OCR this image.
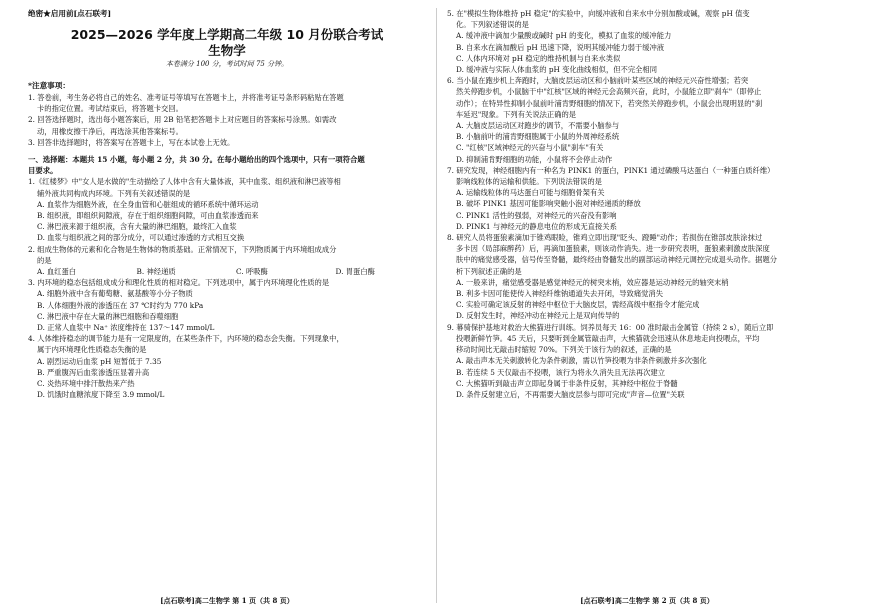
绝密★启用前[点石联考]
2025—2026 学年度上学期高二年级 10 月份联合考试
生物学
本卷满分 100 分，考试时间 75 分钟。
*注意事项：
1. 答卷前，考生务必将自己的姓名、准考证号等填写在答题卡上，并将准考证号条形码粘贴在答题
卡的指定位置。考试结束后，将答题卡交回。
2. 回答选择题时，选出每小题答案后，用 2B 铅笔把答题卡上对应题目的答案标号涂黑。如需改
动，用橡皮擦干净后，再选涂其他答案标号。
3. 回答非选择题时，将答案写在答题卡上，写在本试卷上无效。
一、选择题：本题共 15 小题，每小题 2 分，共 30 分。在每小题给出的四个选项中，只有一项符合题
目要求。
1.《红楼梦》中"女人是水做的"生动描绘了人体中含有大量体液，其中血浆、组织液和淋巴液等相
辅外液共同构成内环境。下列有关叙述错误的是
A. 血浆作为细胞外液，在全身血管和心脏组成的循环系统中循环运动
B. 组织液，即组织间隙液，存在于组织细胞间隙，可由血浆渗透而来
C. 淋巴液来源于组织液，含有大量的淋巴细胞，最终汇入血浆
D. 血浆与组织液之间的部分成分，可以通过渗透的方式相互交换
2. 组成生物体的元素和化合物是生物体的物质基础。正常情况下，下列物质属于内环境组成成分
的是
A. 血红蛋白	B. 神经递质	C. 呼吸酶	D. 胃蛋白酶
3. 内环境的稳态包括组成成分和理化性质的相对稳定。下列选项中，属于内环境理化性质的是
A. 细胞外液中含有葡萄糖、氨基酸等小分子物质
B. 人体细胞外液的渗透压在 37 ℃时约为 770 kPa
C. 淋巴液中存在大量的淋巴细胞和吞噬细胞
D. 正常人血浆中 Na⁺ 浓度维持在 137～147 mmol/L
4. 人体维持稳态的调节能力是有一定限度的，在某些条件下，内环境的稳态会失衡。下列现象中，
属于内环境理化性质稳态失衡的是
A. 剧烈运动后血浆 pH 短暂低于 7.35
B. 严重腹泻后血浆渗透压显著升高
C. 炎热环境中排汗散热来产热
D. 饥饿时血糖浓度下降至 3.9 mmol/L
[点石联考]高二生物学 第 1 页（共 8 页）
5. 在"模拟生物体维持 pH 稳定"的实验中，向缓冲液和自来水中分别加酸或碱，观察 pH 值变
化。下列叙述错误的是
A. 缓冲液中滴加少量酸或碱时 pH 的变化，模拟了血浆的缓冲能力
B. 自来水在滴加酸后 pH 迅速下降，说明其缓冲能力弱于缓冲液
C. 人体内环境对 pH 稳定的维持机制与自来水类似
D. 缓冲液与实际人体血浆的 pH 变化曲线相似，但不完全相同
6. 当小鼠在跑步机上奔跑时，大脑皮层运动区和小脑前叶某些区域的神经元兴奋性增强；若突
然关停跑步机，小鼠脑干中"红核"区域的神经元会高频兴奋，此时，小鼠能立即"刹车"（即停止
动作）；在特异性抑制小鼠前叶浦肯野细胞的情况下，若突然关停跑步机，小鼠会出现明显的"刹
车延迟"现象。下列有关说法正确的是
A. 大脑皮层运动区对跑步的调节，不需要小脑参与
B. 小脑前叶的浦肯野细胞属于小鼠的外周神经系统
C. "红核"区域神经元的兴奋与小鼠"刹车"有关
D. 抑制浦肯野细胞的功能，小鼠将不会停止动作
7. 研究发现，神经细胞内有一种名为 PINK1 的蛋白，PINK1 通过磷酸马达蛋白（一种蛋白质纤维）
影响线粒体的运输和供能。下列说法错误的是
A. 运输线粒体的马达蛋白可能与细胞骨架有关
B. 破坏 PINK1 基因可能影响突触小泡对神经递质的释放
C. PINK1 活性的强弱，对神经元的兴奋没有影响
D. PINK1 与神经元的静息电位的形成无直接关系
8. 研究人员将蛋狼素滴加于锥鸡眼睑，锥鸡立即出现"眨头、蹬睡"动作；若损伤在锥部皮肤涂抹过
多卡因（局部麻醉药）后，再滴加蛋狼素，则该动作消失。进一步研究表明，蛋狼素刺激皮肤深度
肤中的痛觉感受器，信号传至脊髓，最终经由脊髓发出的副部运动神经元调控完成退头动作。据题分
析下列叙述正确的是
A. 一般来讲，痛觉感受器是感觉神经元的树突末梢，效应器是运动神经元的轴突末梢
B. 利多卡因可能使传入神经纤维钠通道失去开闭，导致痛觉消失
C. 实验可确定该反射的神经中枢位于大脑皮层，需经高级中枢指令才能完成
D. 反射发生时，神经冲动在神经元上是双向传导的
9. 幕骑保护基地对救治大熊猫进行训练。饲养员每天 16：00 准时敲击金属管（持续 2 s），随后立即
投喂新鲜竹笋。45 天后，只要听到金属管敲击声，大熊猫就会迅速从休息地走向投喂点，平均
移动时间比无敲击时缩短 70%。下列关于该行为的叙述，正确的是
A. 敲击声本无关刺激转化为条件刺激，需以竹笋投喂为非条件刺激并多次强化
B. 若连续 5 天仅敲击不投喂，该行为将永久消失且无法再次建立
C. 大熊猫听到敲击声立即起身属于非条件反射，其神经中枢位于脊髓
D. 条件反射建立后，不再需要大脑皮层参与即可完成"声音—位置"关联
[点石联考]高二生物学 第 2 页（共 8 页）
